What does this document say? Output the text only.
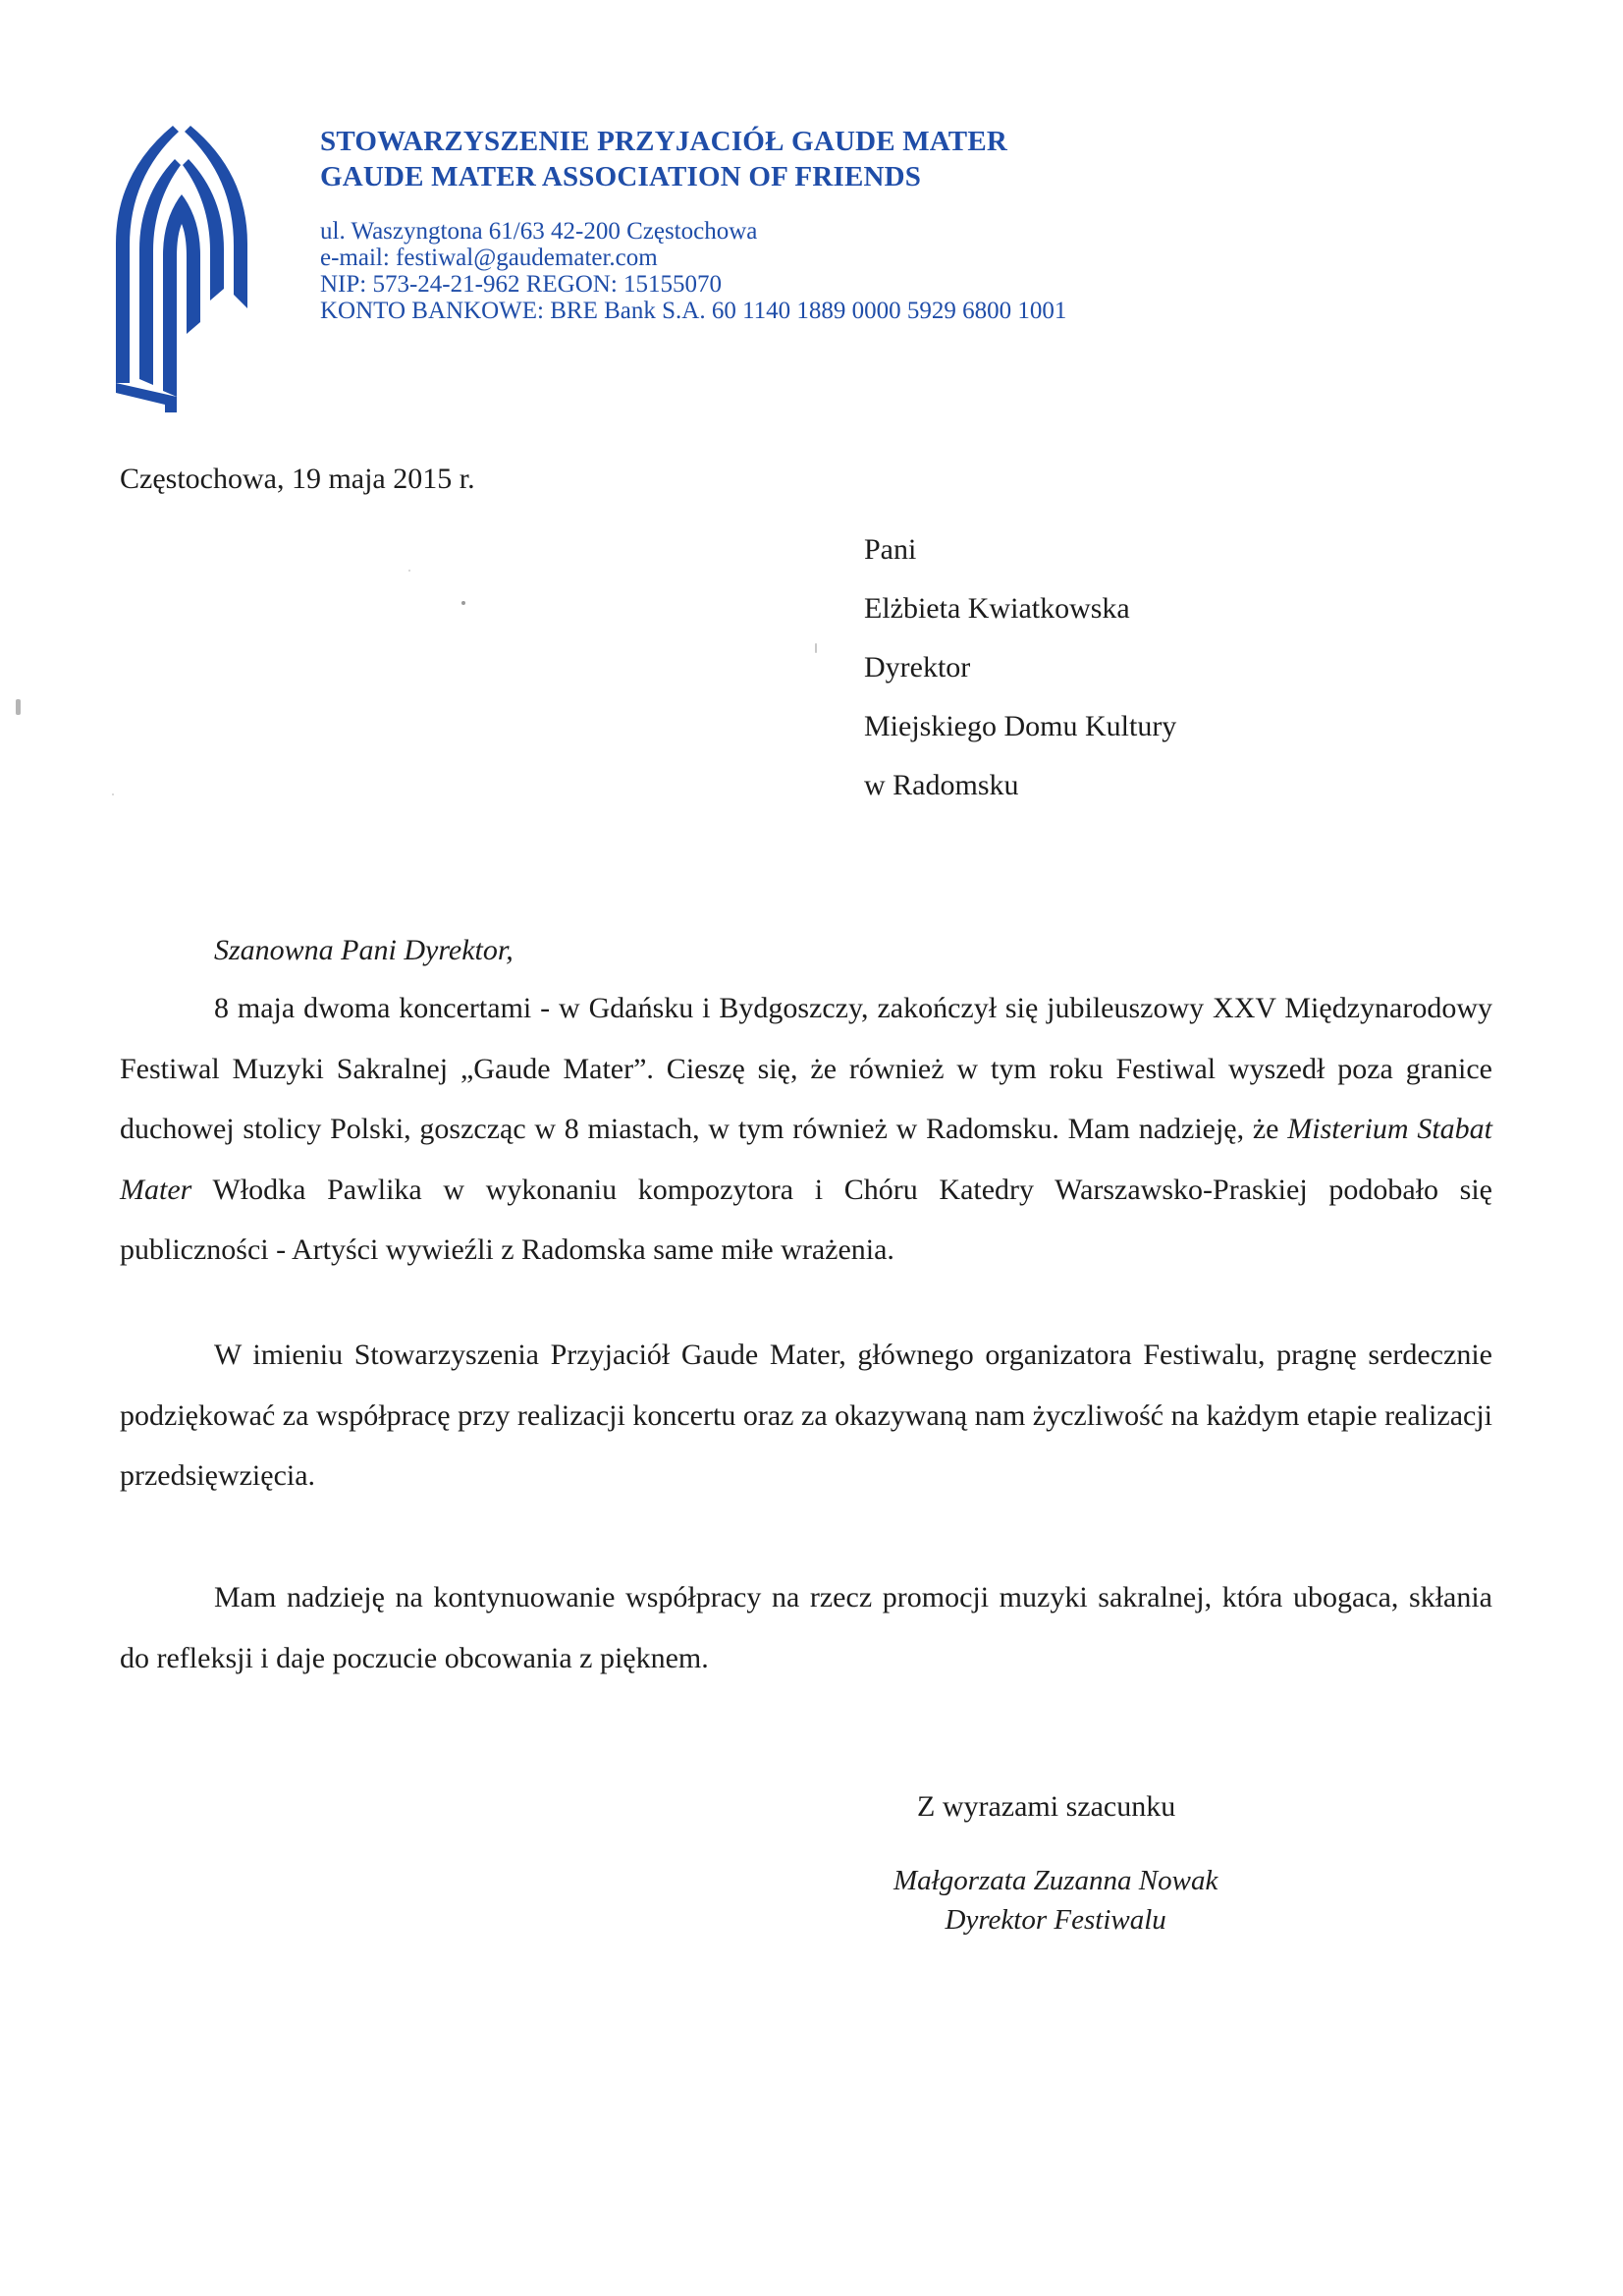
STOWARZYSZENIE PRZYJACIÓŁ GAUDE MATER
GAUDE MATER ASSOCIATION OF FRIENDS
ul. Waszyngtona 61/63 42-200 Częstochowa
e-mail: festiwal@gaudemater.com
NIP: 573-24-21-962 REGON: 15155070
KONTO BANKOWE: BRE Bank S.A. 60 1140 1889 0000 5929 6800 1001
Częstochowa, 19 maja 2015 r.
Pani
Elżbieta Kwiatkowska
Dyrektor
Miejskiego Domu Kultury
w Radomsku
Szanowna Pani Dyrektor,

8 maja dwoma koncertami - w Gdańsku i Bydgoszczy, zakończył się jubileuszowy XXV Międzynarodowy Festiwal Muzyki Sakralnej „Gaude Mater”. Cieszę się, że również w tym roku Festiwal wyszedł poza granice duchowej stolicy Polski, goszcząc w 8 miastach, w tym również w Radomsku. Mam nadzieję, że Misterium Stabat Mater Włodka Pawlika w wykonaniu kompozytora i Chóru Katedry Warszawsko-Praskiej podobało się publiczności - Artyści wywieźli z Radomska same miłe wrażenia.

W imieniu Stowarzyszenia Przyjaciół Gaude Mater, głównego organizatora Festiwalu, pragnę serdecznie podziękować za współpracę przy realizacji koncertu oraz za okazywaną nam życzliwość na każdym etapie realizacji przedsięwzięcia.

Mam nadzieję na kontynuowanie współpracy na rzecz promocji muzyki sakralnej, która ubogaca, skłania do refleksji i daje poczucie obcowania z pięknem.

Z wyrazami szacunku
Małgorzata Zuzanna Nowak
Dyrektor Festiwalu
